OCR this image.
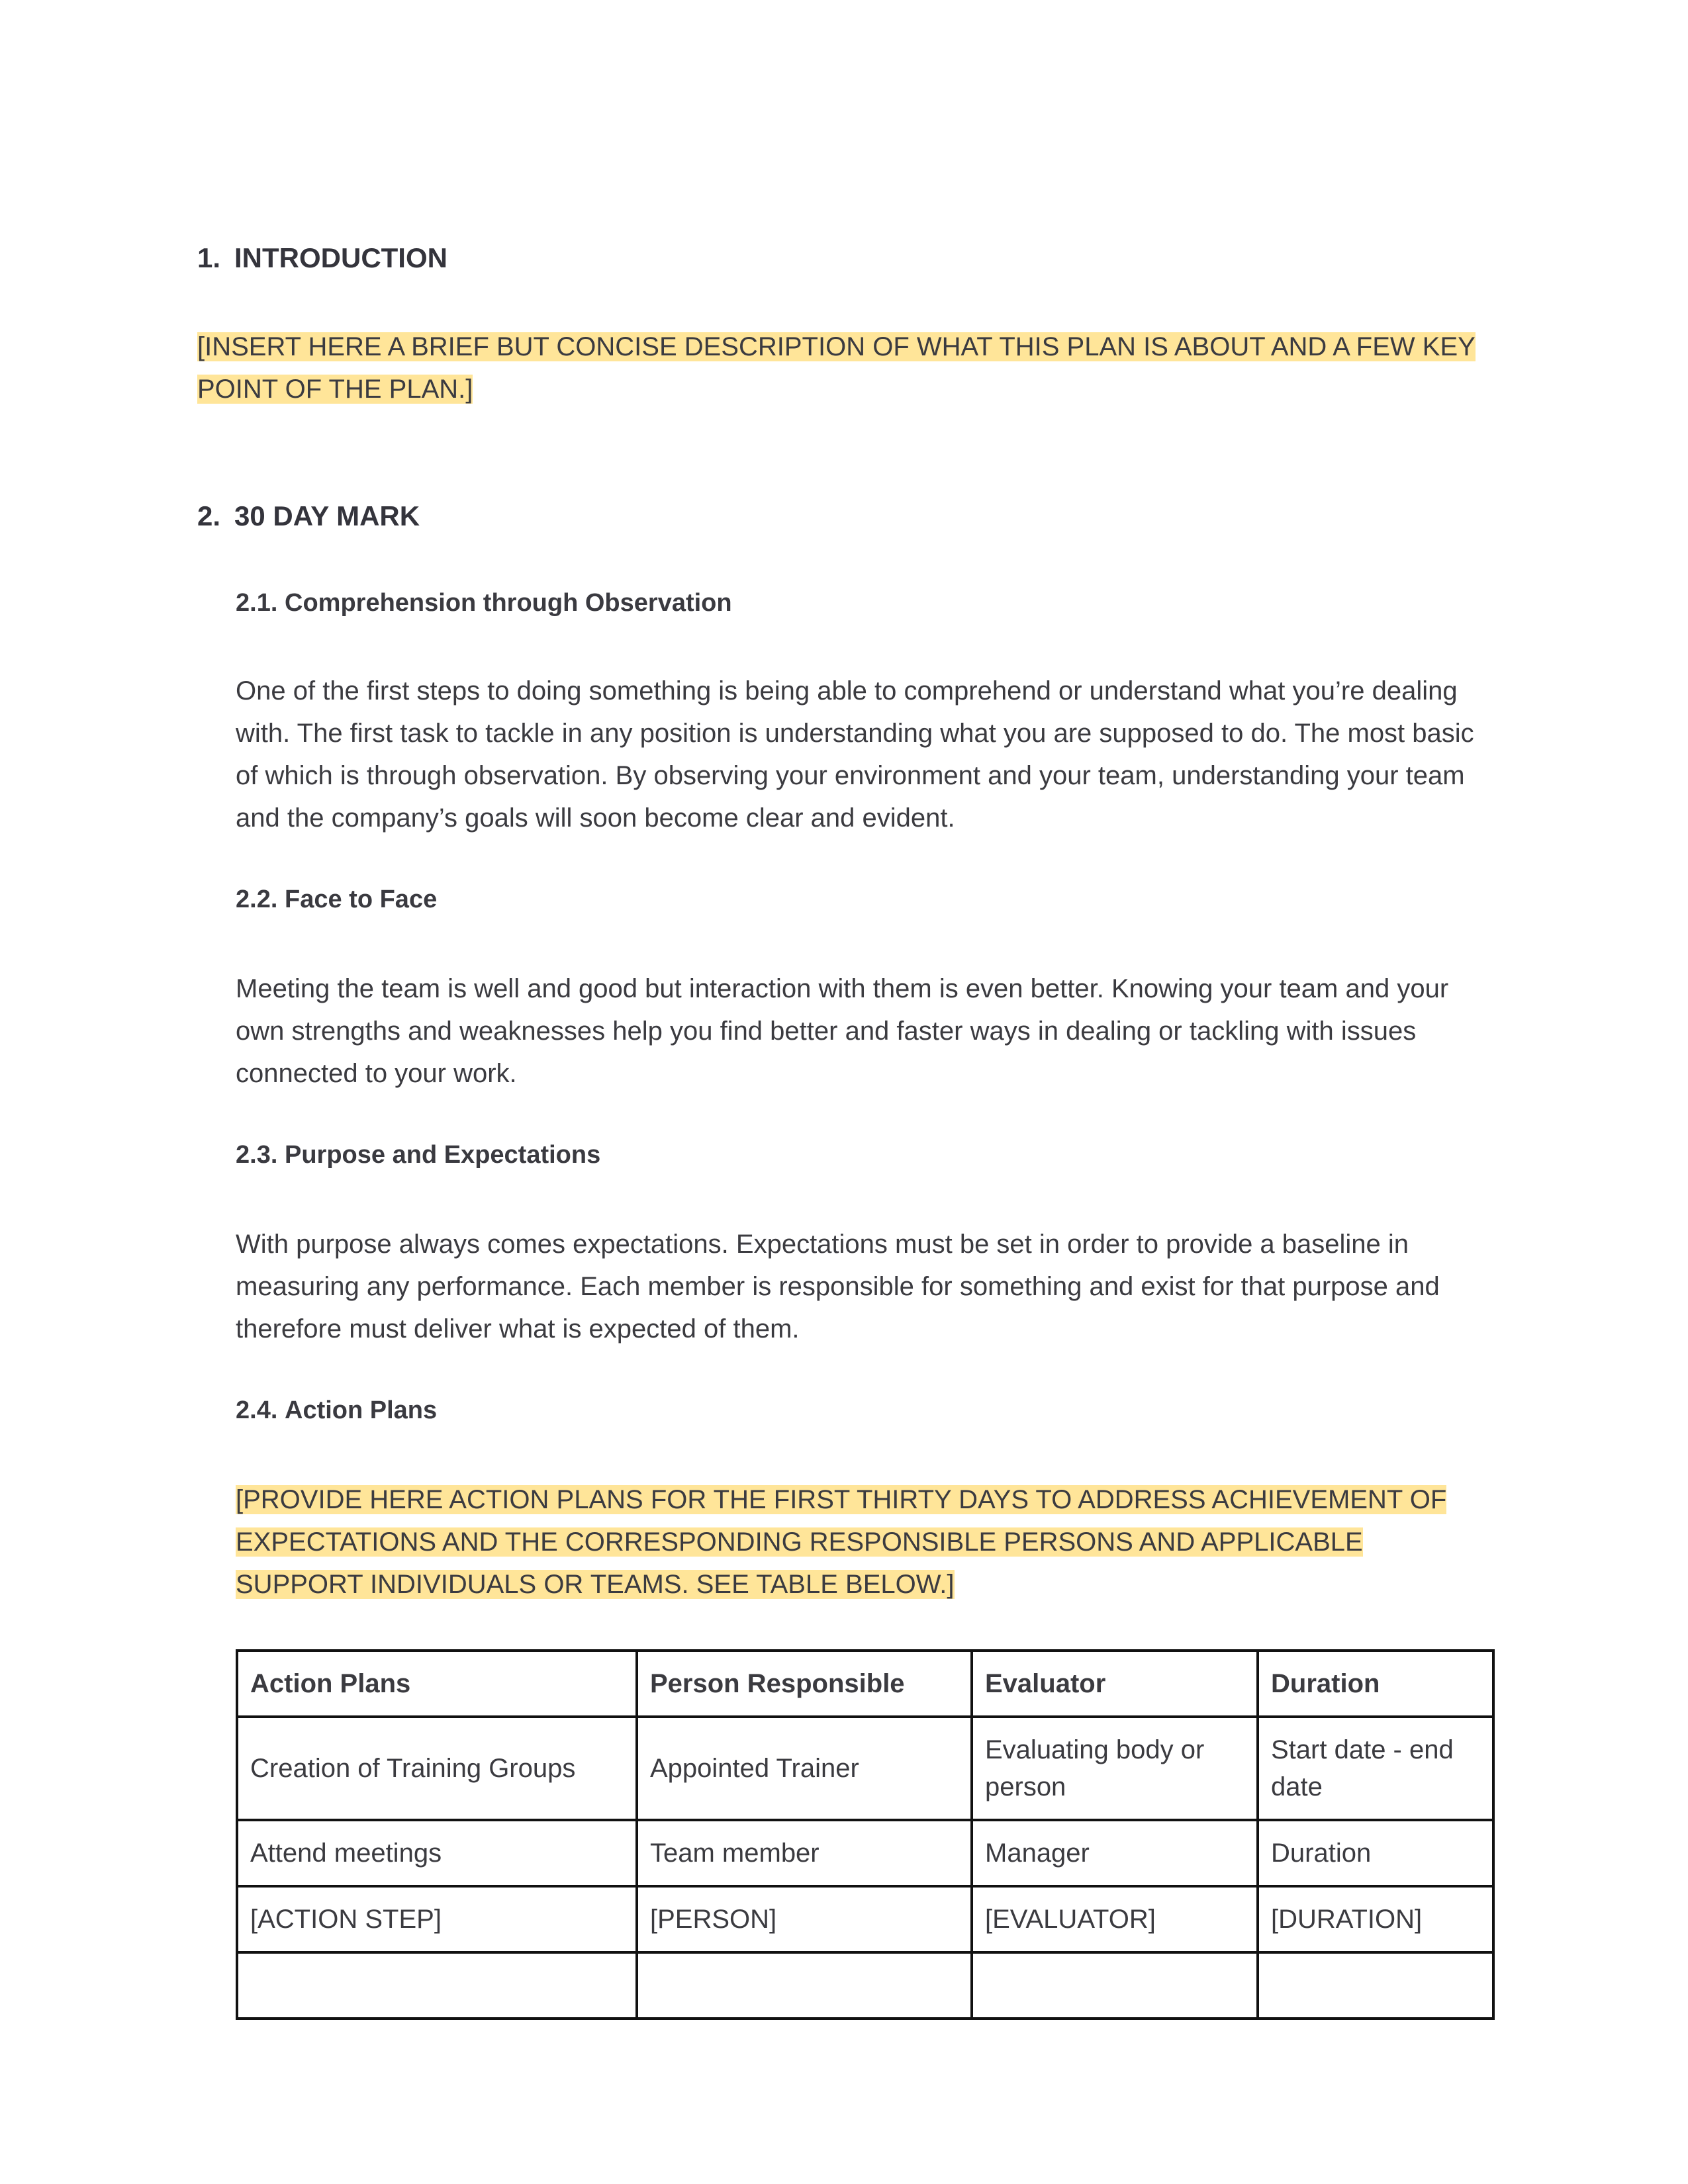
1. INTRODUCTION

[INSERT HERE A BRIEF BUT CONCISE DESCRIPTION OF WHAT THIS PLAN IS ABOUT AND A FEW KEY POINT OF THE PLAN.]

2. 30 DAY MARK
2.1. Comprehension through Observation

One of the first steps to doing something is being able to comprehend or understand what you’re dealing with. The first task to tackle in any position is understanding what you are supposed to do. The most basic of which is through observation. By observing your environment and your team, understanding your team and the company’s goals will soon become clear and evident.

2.2. Face to Face

Meeting the team is well and good but interaction with them is even better. Knowing your team and your own strengths and weaknesses help you find better and faster ways in dealing or tackling with issues connected to your work.

2.3. Purpose and Expectations

With purpose always comes expectations. Expectations must be set in order to provide a baseline in measuring any performance. Each member is responsible for something and exist for that purpose and therefore must deliver what is expected of them.

2.4. Action Plans

[PROVIDE HERE ACTION PLANS FOR THE FIRST THIRTY DAYS TO ADDRESS ACHIEVEMENT OF EXPECTATIONS AND THE CORRESPONDING RESPONSIBLE PERSONS AND APPLICABLE SUPPORT INDIVIDUALS OR TEAMS. SEE TABLE BELOW.]

Action Plans	Person Responsible	Evaluator	Duration
Creation of Training Groups	Appointed Trainer	Evaluating body or person	Start date - end date
Attend meetings	Team member	Manager	Duration
[ACTION STEP]	[PERSON]	[EVALUATOR]	[DURATION]
